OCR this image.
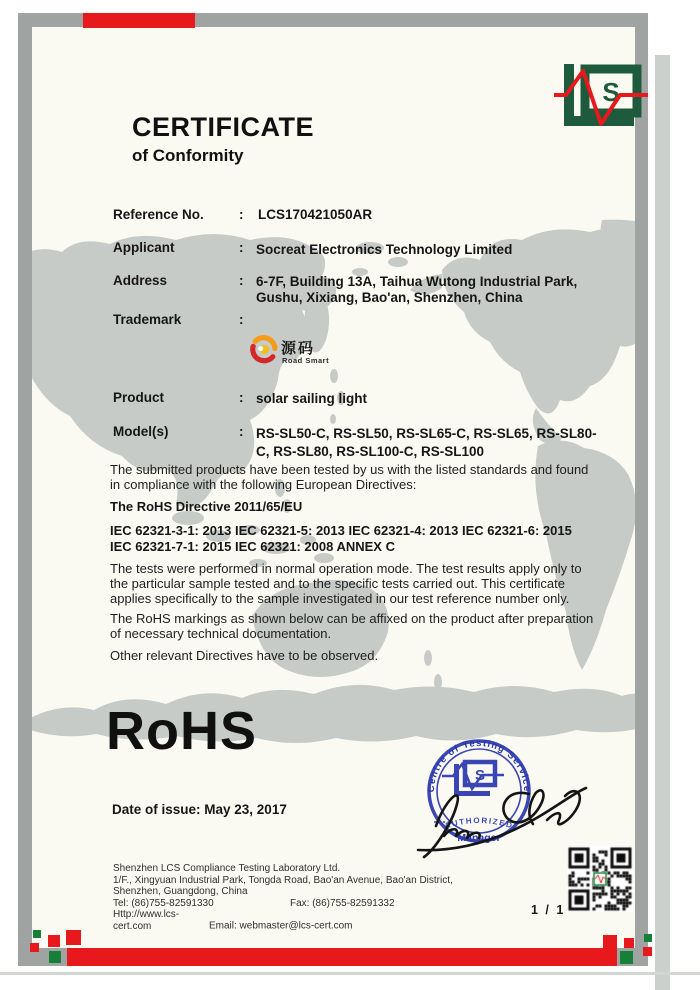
CERTIFICATE
of Conformity
S
Reference No.	: LCS170421050AR
Applicant	: Socreat Electronics Technology Limited
Address	: 6-7F, Building 13A, Taihua Wutong Industrial Park, Gushu, Xixiang, Bao'an, Shenzhen, China
Trademark	:
源码
Road Smart
Product	: solar sailing light
Model(s)	: RS-SL50-C, RS-SL50, RS-SL65-C, RS-SL65, RS-SL80-C, RS-SL80, RS-SL100-C, RS-SL100
The submitted products have been tested by us with the listed standards and found in compliance with the following European Directives:
The RoHS Directive 2011/65/EU
IEC 62321-3-1: 2013 IEC 62321-5: 2013 IEC 62321-4: 2013 IEC 62321-6: 2015
IEC 62321-7-1: 2015 IEC 62321: 2008 ANNEX C
The tests were performed in normal operation mode. The test results apply only to the particular sample tested and to the specific tests carried out. This certificate applies specifically to the sample investigated in our test reference number only.
The RoHS markings as shown below can be affixed on the product after preparation of necessary technical documentation.
Other relevant Directives have to be observed.
RoHS
Date of issue: May 23, 2017
Centre of Testing Service
S
AUTHORIZED
Manager
Shenzhen LCS Compliance Testing Laboratory Ltd.
1/F., Xingyuan Industrial Park, Tongda Road, Bao'an Avenue, Bao'an District,
Shenzhen, Guangdong, China
Tel: (86)755-82591330	Fax: (86)755-82591332
Http://www.lcs-cert.com	Email: webmaster@lcs-cert.com
1 / 1
